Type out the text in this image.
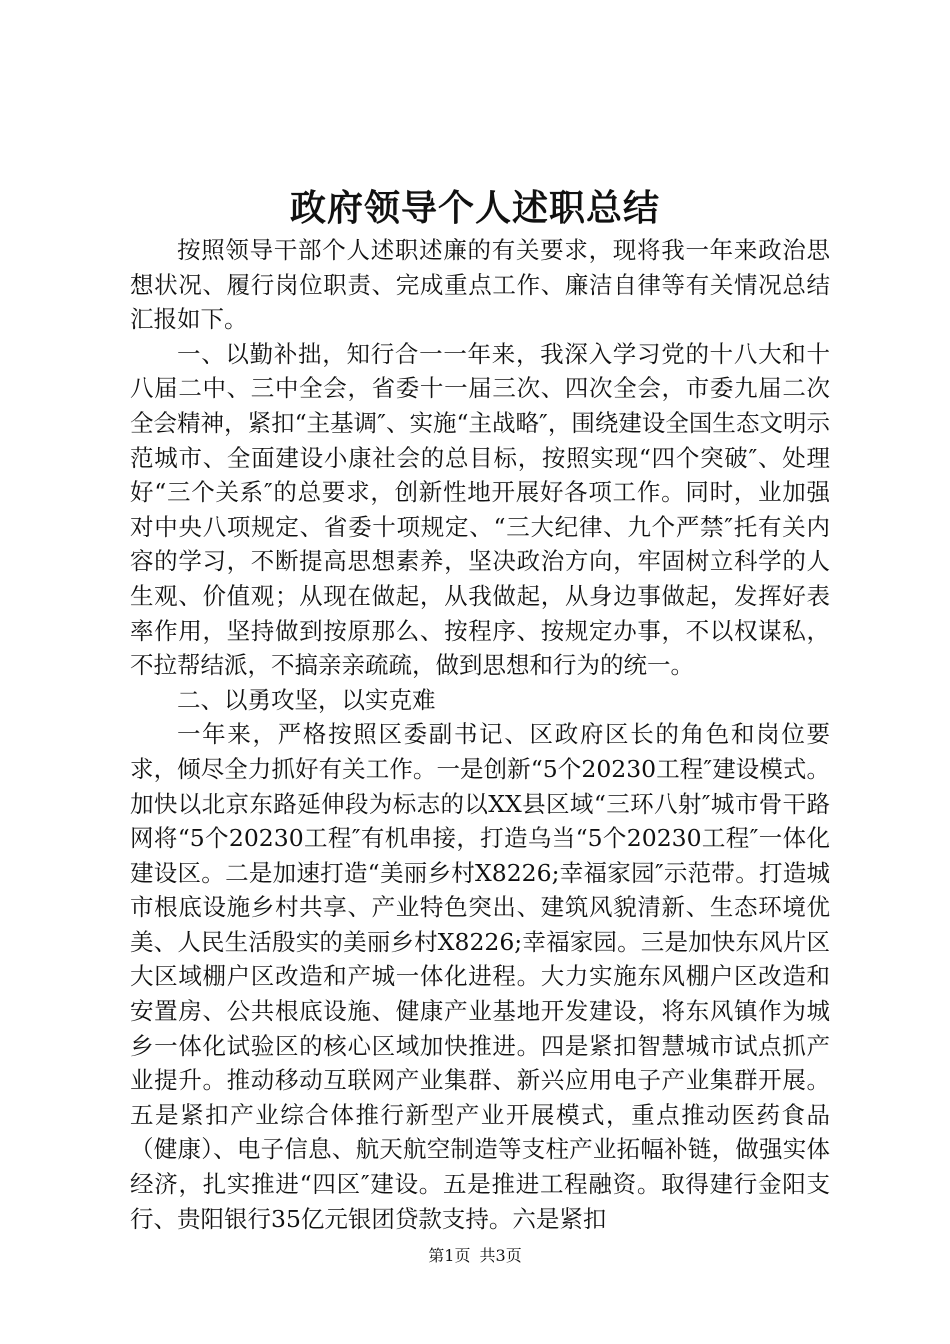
政府领导个人述职总结

按照领导干部个人述职述廉的有关要求，现将我一年来政治思想状况、履行岗位职责、完成重点工作、廉洁自律等有关情况总结汇报如下。

一、以勤补拙，知行合一一年来，我深入学习党的十八大和十八届二中、三中全会，省委十一届三次、四次全会，市委九届二次全会精神，紧扣“主基调″、实施“主战略″，围绕建设全国生态文明示范城市、全面建设小康社会的总目标，按照实现“四个突破″、处理好“三个关系″的总要求，创新性地开展好各项工作。同时，业加强对中央八项规定、省委十项规定、“三大纪律、九个严禁″托有关内容的学习，不断提高思想素养，坚决政治方向，牢固树立科学的人生观、价值观；从现在做起，从我做起，从身边事做起，发挥好表率作用，坚持做到按原那么、按程序、按规定办事，不以权谋私，不拉帮结派，不搞亲亲疏疏，做到思想和行为的统一。

二、以勇攻坚，以实克难

一年来，严格按照区委副书记、区政府区长的角色和岗位要求，倾尽全力抓好有关工作。一是创新“5个20230工程″建设模式。加快以北京东路延伸段为标志的以XX县区域“三环八射″城市骨干路网将“5个20230工程″有机串接，打造乌当“5个20230工程″一体化建设区。二是加速打造“美丽乡村X8226;幸福家园″示范带。打造城市根底设施乡村共享、产业特色突出、建筑风貌清新、生态环境优美、人民生活殷实的美丽乡村X8226;幸福家园。三是加快东风片区大区域棚户区改造和产城一体化进程。大力实施东风棚户区改造和安置房、公共根底设施、健康产业基地开发建设，将东风镇作为城乡一体化试验区的核心区域加快推进。四是紧扣智慧城市试点抓产业提升。推动移动互联网产业集群、新兴应用电子产业集群开展。五是紧扣产业综合体推行新型产业开展模式，重点推动医药食品（健康）、电子信息、航天航空制造等支柱产业拓幅补链，做强实体经济，扎实推进“四区″建设。五是推进工程融资。取得建行金阳支行、贵阳银行35亿元银团贷款支持。六是紧扣

第1页 共3页
